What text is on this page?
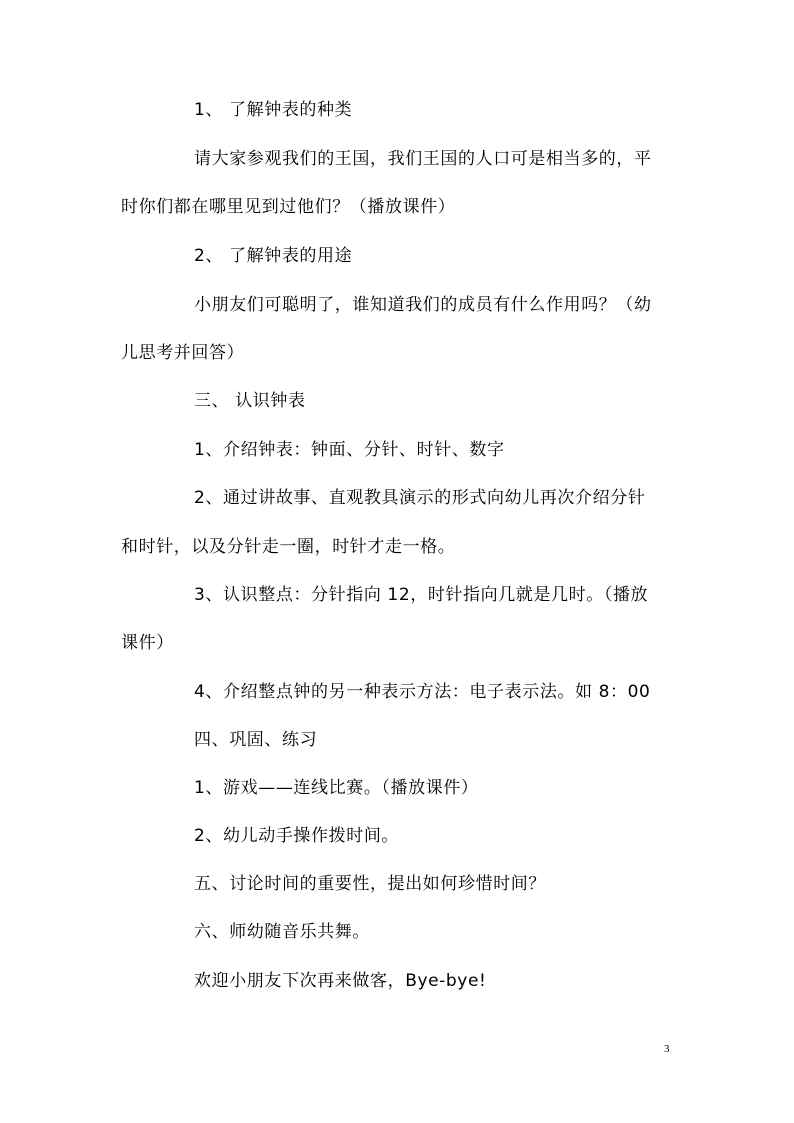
1、 了解钟表的种类
请大家参观我们的王国，我们王国的人口可是相当多的，平
时你们都在哪里见到过他们？（播放课件）
2、 了解钟表的用途
小朋友们可聪明了，谁知道我们的成员有什么作用吗？（幼
儿思考并回答）
三、 认识钟表
1、介绍钟表：钟面、分针、时针、数字
2、通过讲故事、直观教具演示的形式向幼儿再次介绍分针
和时针，以及分针走一圈，时针才走一格。
3、认识整点：分针指向 12，时针指向几就是几时。（播放
课件）
4、介绍整点钟的另一种表示方法：电子表示法。如 8：00
四、巩固、练习
1、游戏——连线比赛。（播放课件）
2、幼儿动手操作拨时间。
五、讨论时间的重要性，提出如何珍惜时间？
六、师幼随音乐共舞。
欢迎小朋友下次再来做客，Bye-bye!
3
